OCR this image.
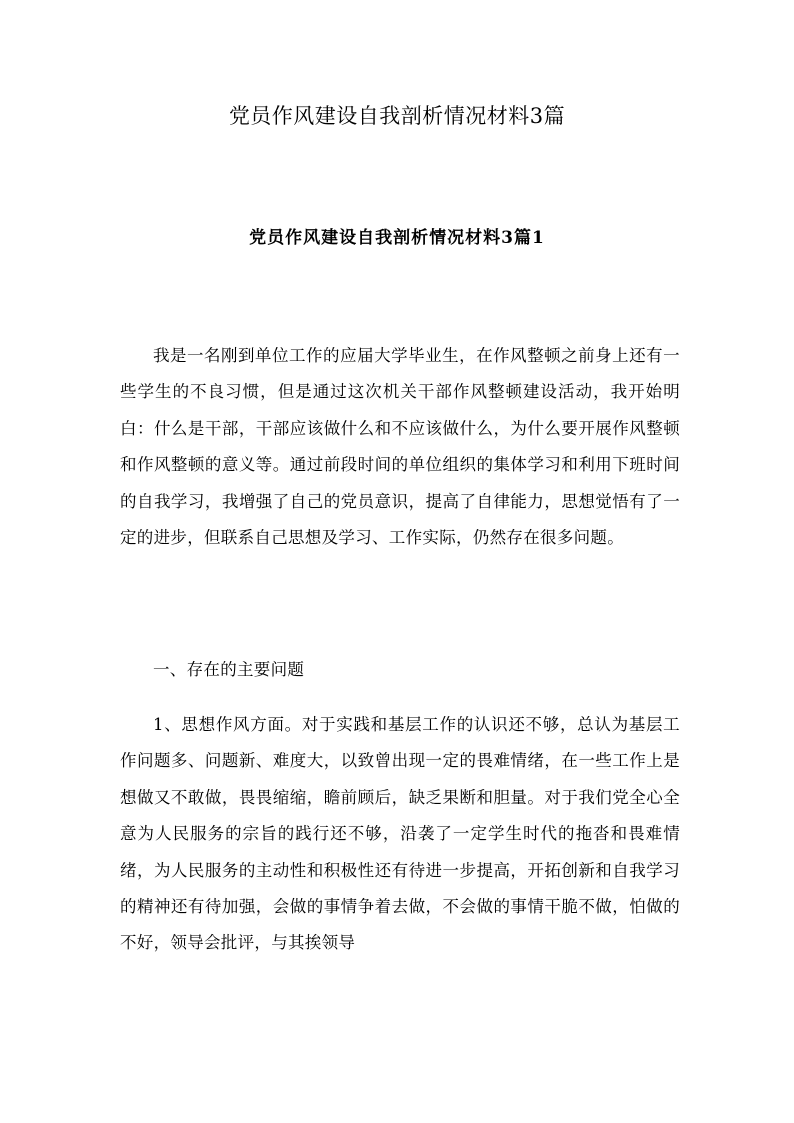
党员作风建设自我剖析情况材料3篇
党员作风建设自我剖析情况材料3篇1
我是一名刚到单位工作的应届大学毕业生，在作风整顿之前身上还有一些学生的不良习惯，但是通过这次机关干部作风整顿建设活动，我开始明白：什么是干部，干部应该做什么和不应该做什么，为什么要开展作风整顿和作风整顿的意义等。通过前段时间的单位组织的集体学习和利用下班时间的自我学习，我增强了自己的党员意识，提高了自律能力，思想觉悟有了一定的进步，但联系自己思想及学习、工作实际，仍然存在很多问题。
一、存在的主要问题
1、思想作风方面。对于实践和基层工作的认识还不够，总认为基层工作问题多、问题新、难度大，以致曾出现一定的畏难情绪，在一些工作上是想做又不敢做，畏畏缩缩，瞻前顾后，缺乏果断和胆量。对于我们党全心全意为人民服务的宗旨的践行还不够，沿袭了一定学生时代的拖沓和畏难情绪，为人民服务的主动性和积极性还有待进一步提高，开拓创新和自我学习的精神还有待加强，会做的事情争着去做，不会做的事情干脆不做，怕做的不好，领导会批评，与其挨领导
